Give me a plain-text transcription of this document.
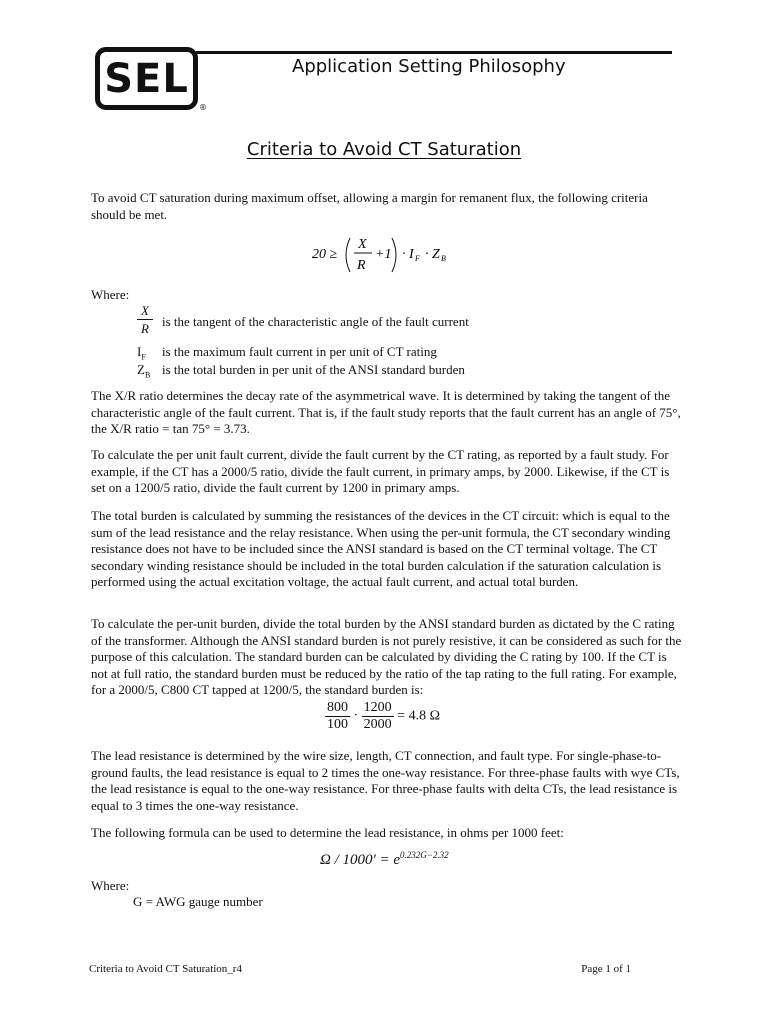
SEL
®
Application Setting Philosophy
Criteria to Avoid CT Saturation

To avoid CT saturation during maximum offset, allowing a margin for remanent flux, the following criteria should be met.

20 ≥
X
R
+1 · I F · Z B

Where:

X
R	is the tangent of the characteristic angle of the fault current
$I_F$ is the maximum fault current in per unit of CT rating
$Z_B$ is the total burden in per unit of the ANSI standard burden

The X/R ratio determines the decay rate of the asymmetrical wave. It is determined by taking the tangent of the characteristic angle of the fault current. That is, if the fault study reports that the fault current has an angle of 75°, the X/R ratio = tan 75° = 3.73.

To calculate the per unit fault current, divide the fault current by the CT rating, as reported by a fault study. For example, if the CT has a 2000/5 ratio, divide the fault current, in primary amps, by 2000. Likewise, if the CT is set on a 1200/5 ratio, divide the fault current by 1200 in primary amps.

The total burden is calculated by summing the resistances of the devices in the CT circuit: which is equal to the sum of the lead resistance and the relay resistance. When using the per-unit formula, the CT secondary winding resistance does not have to be included since the ANSI standard is based on the CT terminal voltage. The CT secondary winding resistance should be included in the total burden calculation if the saturation calculation is performed using the actual excitation voltage, the actual fault current, and actual total burden.

To calculate the per-unit burden, divide the total burden by the ANSI standard burden as dictated by the C rating of the transformer. Although the ANSI standard burden is not purely resistive, it can be considered as such for the purpose of this calculation. The standard burden can be calculated by dividing the C rating by 100. If the CT is not at full ratio, the standard burden must be reduced by the ratio of the tap rating to the full rating. For example, for a 2000/5, C800 CT tapped at 1200/5, the standard burden is:

$\frac{800}{100} \cdot \frac{1200}{2000} = 4.8$ Ω

The lead resistance is determined by the wire size, length, CT connection, and fault type. For single-phase-to-ground faults, the lead resistance is equal to 2 times the one-way resistance. For three-phase faults with wye CTs, the lead resistance is equal to the one-way resistance. For three-phase faults with delta CTs, the lead resistance is equal to 3 times the one-way resistance.

The following formula can be used to determine the lead resistance, in ohms per 1000 feet:

$\Omega / 1000' = e^{0.232G-2.32}$

Where:

G = AWG gauge number

Criteria to Avoid CT Saturation_r4	Page 1 of 1
